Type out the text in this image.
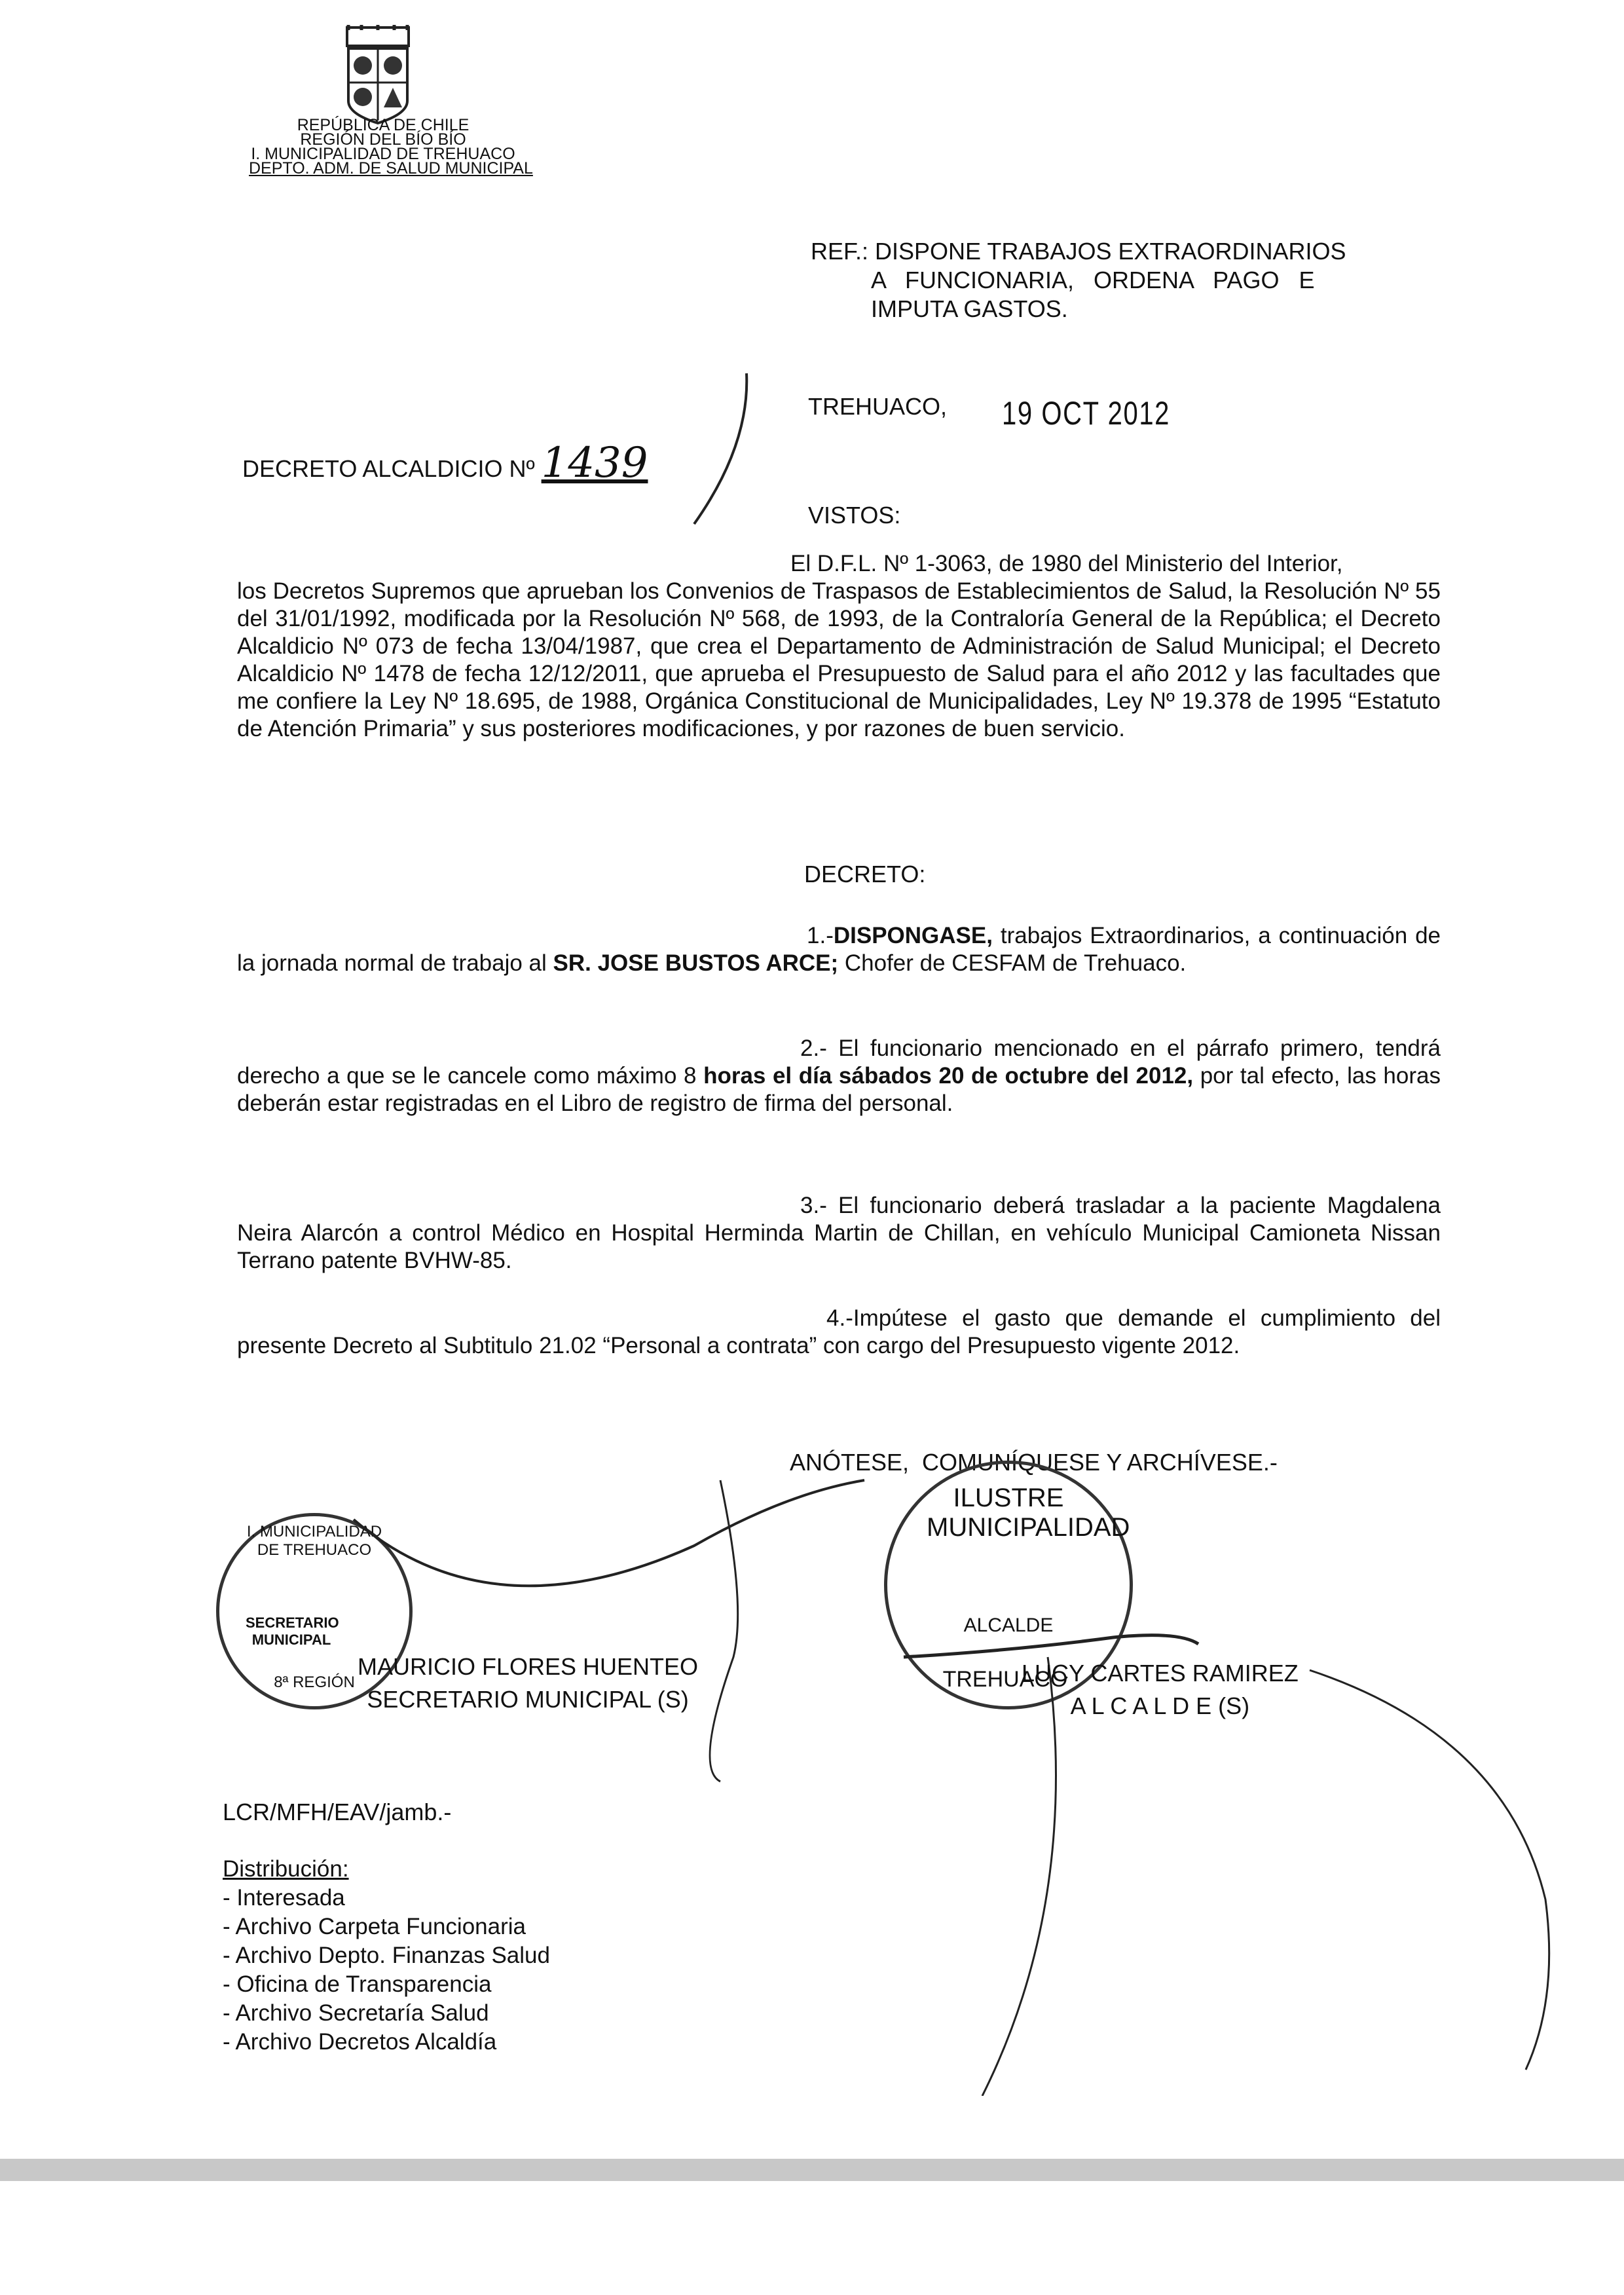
REPÚBLICA DE CHILE
REGIÓN DEL BÍO BÍO
I. MUNICIPALIDAD DE TREHUACO
DEPTO. ADM. DE SALUD MUNICIPAL
REF.: DISPONE TRABAJOS EXTRAORDINARIOS
A   FUNCIONARIA,   ORDENA   PAGO   E
IMPUTA GASTOS.
DECRETO ALCALDICIO Nº 1439
TREHUACO, 19 OCT 2012
VISTOS:
El D.F.L. Nº 1-3063, de 1980 del Ministerio del Interior,
los Decretos Supremos que aprueban los Convenios de Traspasos de Establecimientos de Salud, la Resolución Nº 55 del 31/01/1992, modificada por la Resolución Nº 568, de 1993, de la Contraloría General de la República; el Decreto Alcaldicio Nº 073 de fecha 13/04/1987, que crea el Departamento de Administración de Salud Municipal; el Decreto Alcaldicio Nº 1478 de fecha 12/12/2011, que aprueba el Presupuesto de Salud para el año 2012 y las facultades que me confiere la Ley Nº 18.695, de 1988, Orgánica Constitucional de Municipalidades, Ley Nº 19.378 de 1995 “Estatuto de Atención Primaria” y sus posteriores modificaciones, y por razones de buen servicio.
DECRETO:
1.-DISPONGASE, trabajos Extraordinarios, a continuación de la jornada normal de trabajo al SR. JOSE BUSTOS ARCE; Chofer de CESFAM de Trehuaco.
2.- El funcionario mencionado en el párrafo primero, tendrá derecho a que se le cancele como máximo 8 horas el día sábados 20 de octubre del 2012, por tal efecto, las horas deberán estar registradas en el Libro de registro de firma del personal.
3.- El funcionario deberá trasladar a la paciente Magdalena Neira Alarcón a control Médico en Hospital Herminda Martin de Chillan, en vehículo Municipal Camioneta Nissan Terrano patente BVHW-85.
4.-Impútese el gasto que demande el cumplimiento del presente Decreto al Subtitulo 21.02 “Personal a contrata” con cargo del Presupuesto vigente 2012.
ANÓTESE,  COMUNÍQUESE Y ARCHÍVESE.-
SECRETARIO MUNICIPAL
I. MUNICIPALIDAD DE TREHUACO
8ª REGIÓN
ILUSTRE MUNICIPALIDAD
ALCALDE
TREHUACO
MAURICIO FLORES HUENTEO
SECRETARIO MUNICIPAL (S)
LUCY CARTES RAMIREZ
A L C A L D E (S)
LCR/MFH/EAV/jamb.-
Distribución:
- Interesada
- Archivo Carpeta Funcionaria
- Archivo Depto. Finanzas Salud
- Oficina de Transparencia
- Archivo Secretaría Salud
- Archivo Decretos Alcaldía
